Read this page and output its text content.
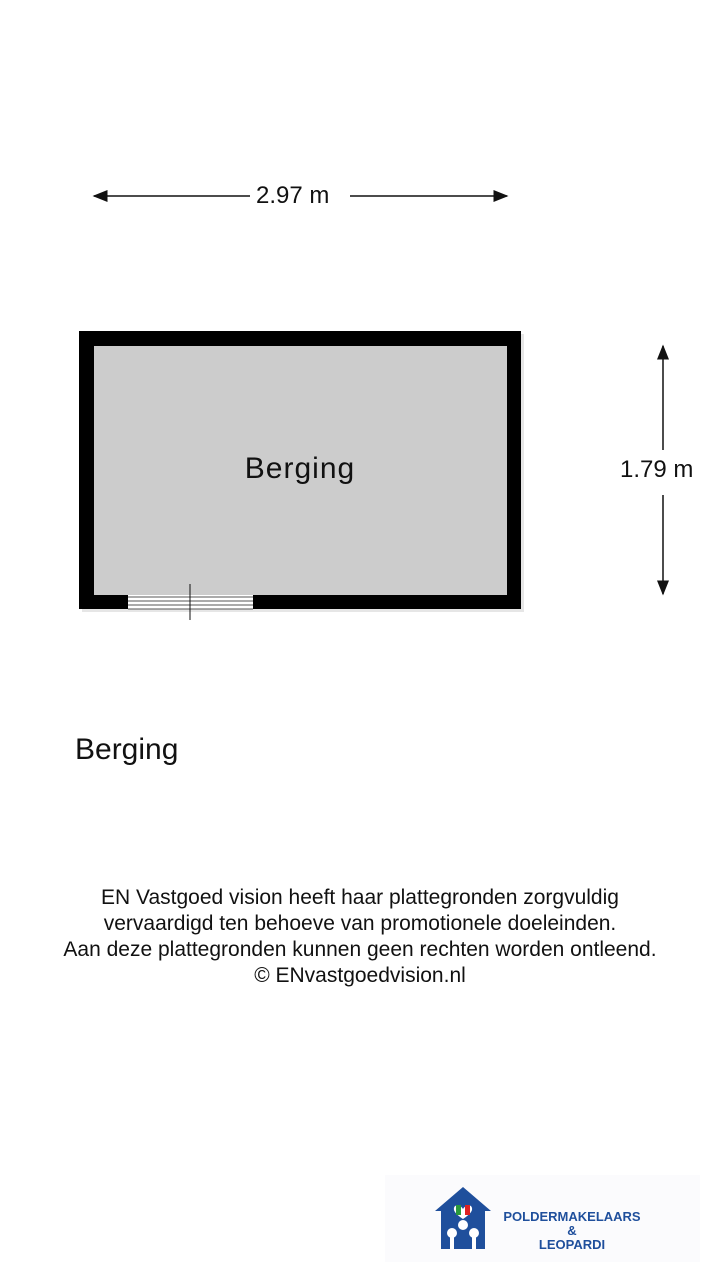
2.97 m
1.79 m
Berging
Berging
EN Vastgoed vision heeft haar plattegronden zorgvuldig
vervaardigd ten behoeve van promotionele doeleinden.
Aan deze plattegronden kunnen geen rechten worden ontleend.
© ENvastgoedvision.nl
POLDERMAKELAARS
&
LEOPARDI
